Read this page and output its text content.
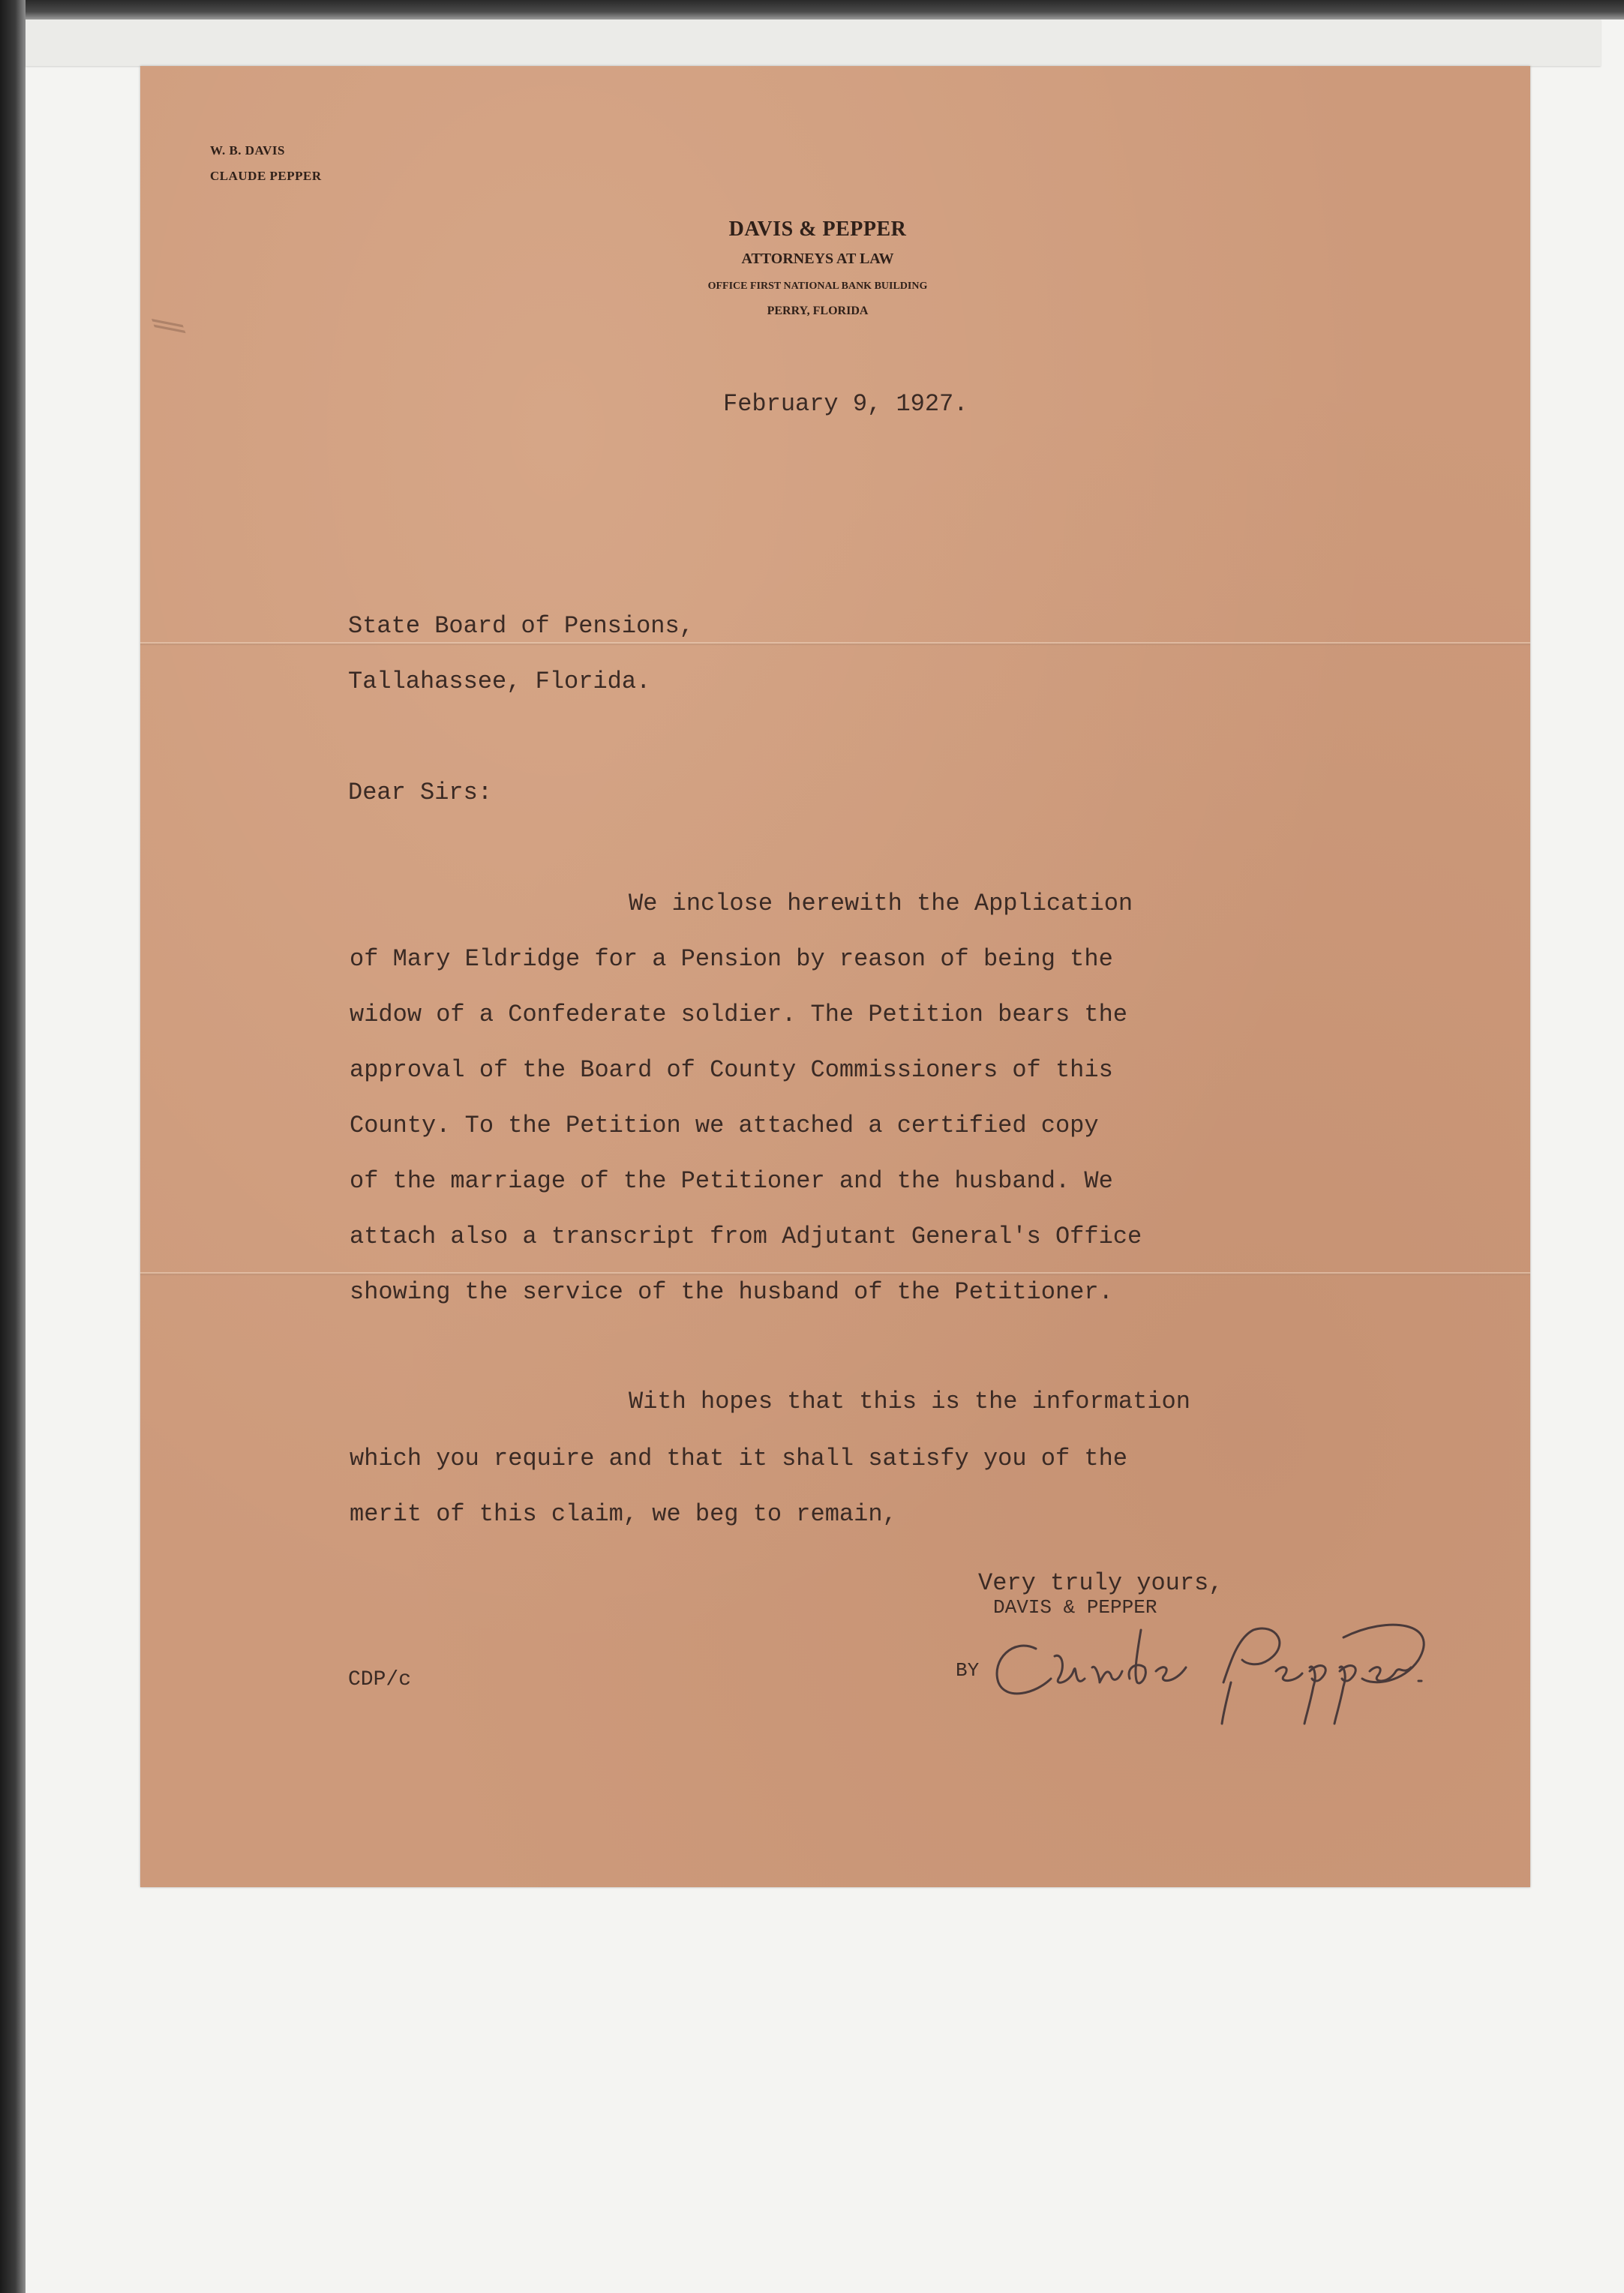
W. B. DAVIS
CLAUDE PEPPER
⁄⁄
DAVIS & PEPPER
ATTORNEYS AT LAW
OFFICE FIRST NATIONAL BANK BUILDING
PERRY, FLORIDA
February 9, 1927.
State Board of Pensions,
Tallahassee, Florida.
Dear Sirs:
We inclose herewith the Application
of Mary Eldridge for a Pension by reason of being the
widow of a Confederate soldier. The Petition bears the
approval of the Board of County Commissioners of this
County. To the Petition we attached a certified copy
of the marriage of the Petitioner and the husband. We
attach also a transcript from Adjutant General's Office
showing the service of the husband of the Petitioner.
With hopes that this is the information
which you require and that it shall satisfy you of the
merit of this claim, we beg to remain,
Very truly yours,
DAVIS & PEPPER
BY
CDP/c
